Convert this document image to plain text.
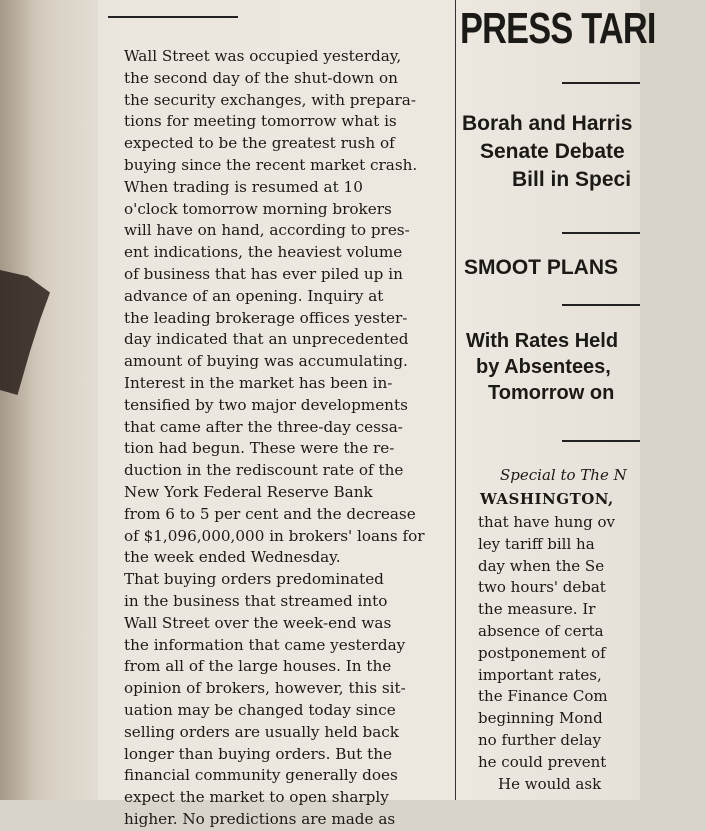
Wall Street was occupied yesterday,
the second day of the shut-down on
the security exchanges, with prepara-
tions for meeting tomorrow what is
expected to be the greatest rush of
buying since the recent market crash.

When trading is resumed at 10
o'clock tomorrow morning brokers
will have on hand, according to pres-
ent indications, the heaviest volume
of business that has ever piled up in
advance of an opening. Inquiry at
the leading brokerage offices yester-
day indicated that an unprecedented
amount of buying was accumulating.
Interest in the market has been in-
tensified by two major developments
that came after the three-day cessa-
tion had begun. These were the re-
duction in the rediscount rate of the
New York Federal Reserve Bank
from 6 to 5 per cent and the decrease
of $1,096,000,000 in brokers' loans for
the week ended Wednesday.

That buying orders predominated
in the business that streamed into
Wall Street over the week-end was
the information that came yesterday
from all of the large houses. In the
opinion of brokers, however, this sit-
uation may be changed today since
selling orders are usually held back
longer than buying orders. But the
financial community generally does
expect the market to open sharply
higher. No predictions are made as

PRESS TARI
Borah and Harris
Senate Debate
Bill in Speci
SMOOT PLANS
With Rates Held
by Absentees,
Tomorrow on
Special to The N
WASHINGTON,
that have hung ov
ley tariff bill ha
day when the Se
two hours' debat
the measure. Ir
absence of certa
postponement of
important rates,
the Finance Com
beginning Mond
no further delay
he could prevent
He would ask
